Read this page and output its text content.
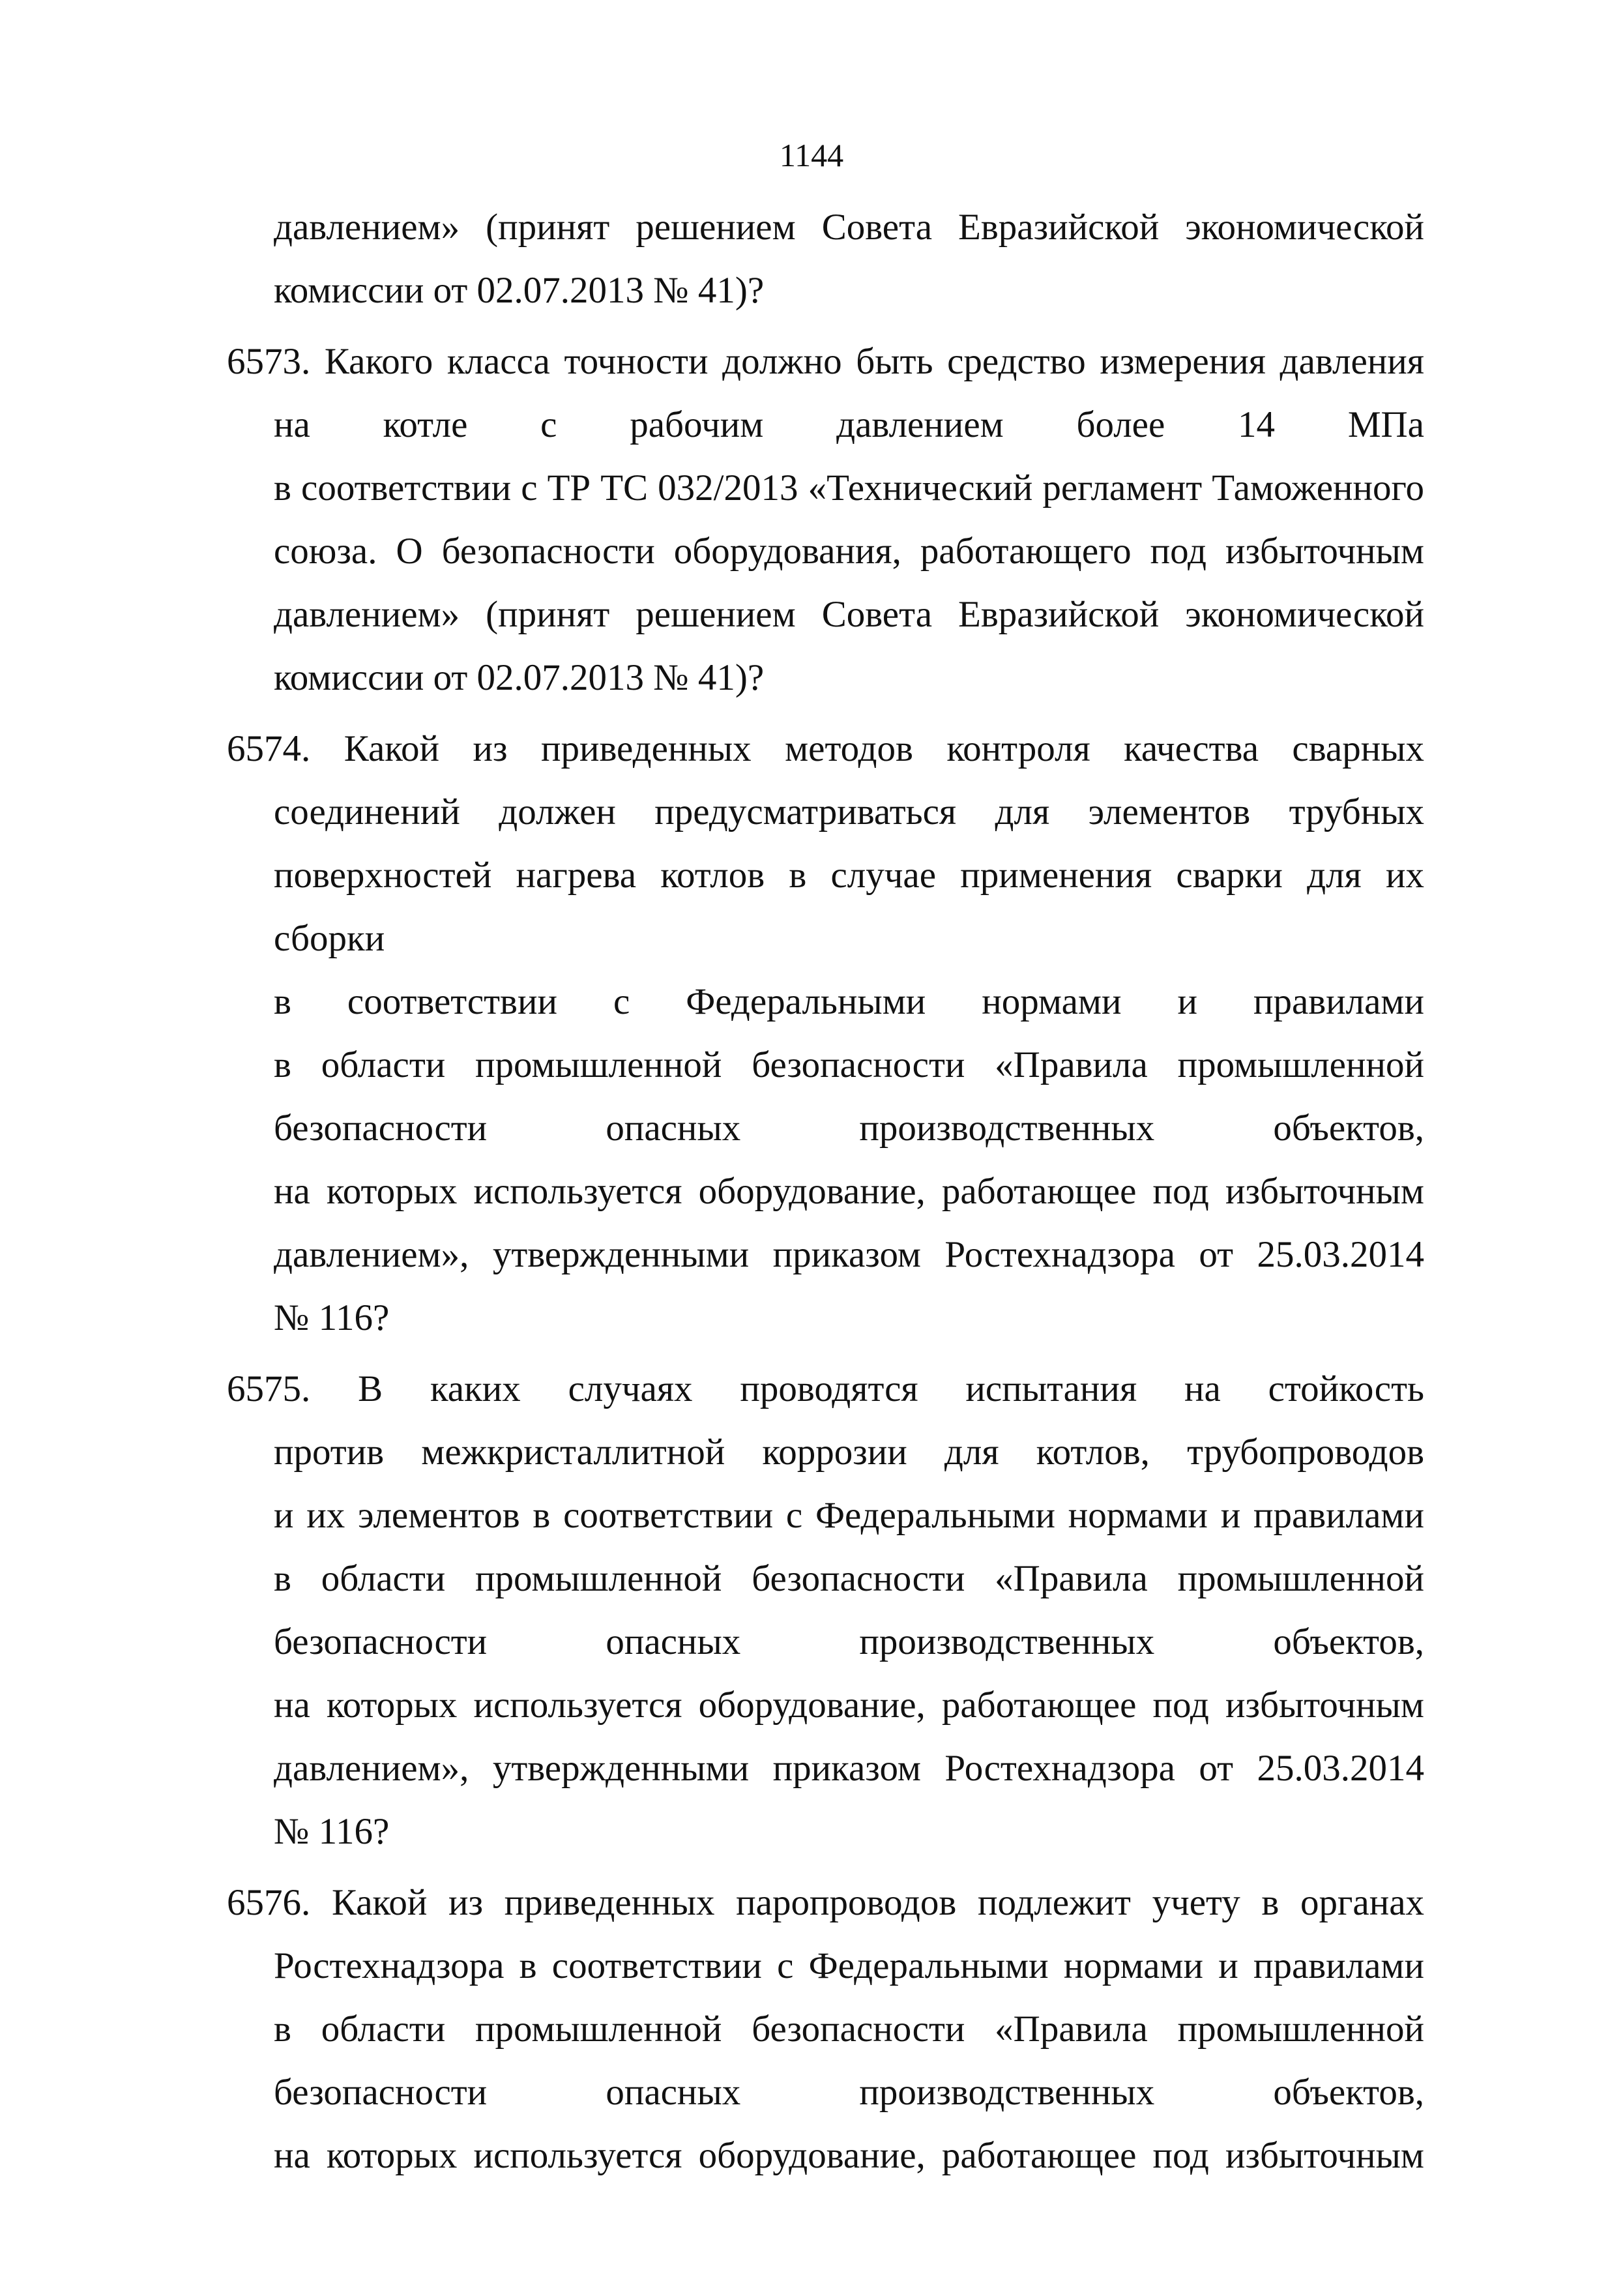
1144
давлением» (принят решением Совета Евразийской экономической
комиссии от 02.07.2013 № 41)?
6573. Какого класса точности должно быть средство измерения давления
на котле с рабочим давлением более 14 МПа
в соответствии с ТР ТС 032/2013 «Технический регламент Таможенного
союза. О безопасности оборудования, работающего под избыточным
давлением» (принят решением Совета Евразийской экономической
комиссии от 02.07.2013 № 41)?
6574. Какой из приведенных методов контроля качества сварных
соединений должен предусматриваться для элементов трубных
поверхностей нагрева котлов в случае применения сварки для их сборки
в соответствии с Федеральными нормами и правилами
в области промышленной безопасности «Правила промышленной
безопасности опасных производственных объектов,
на которых используется оборудование, работающее под избыточным
давлением», утвержденными приказом Ростехнадзора от 25.03.2014
№ 116?
6575. В каких случаях проводятся испытания на стойкость
против межкристаллитной коррозии для котлов, трубопроводов
и их элементов в соответствии с Федеральными нормами и правилами
в области промышленной безопасности «Правила промышленной
безопасности опасных производственных объектов,
на которых используется оборудование, работающее под избыточным
давлением», утвержденными приказом Ростехнадзора от 25.03.2014
№ 116?
6576. Какой из приведенных паропроводов подлежит учету в органах
Ростехнадзора в соответствии с Федеральными нормами и правилами
в области промышленной безопасности «Правила промышленной
безопасности опасных производственных объектов,
на которых используется оборудование, работающее под избыточным
